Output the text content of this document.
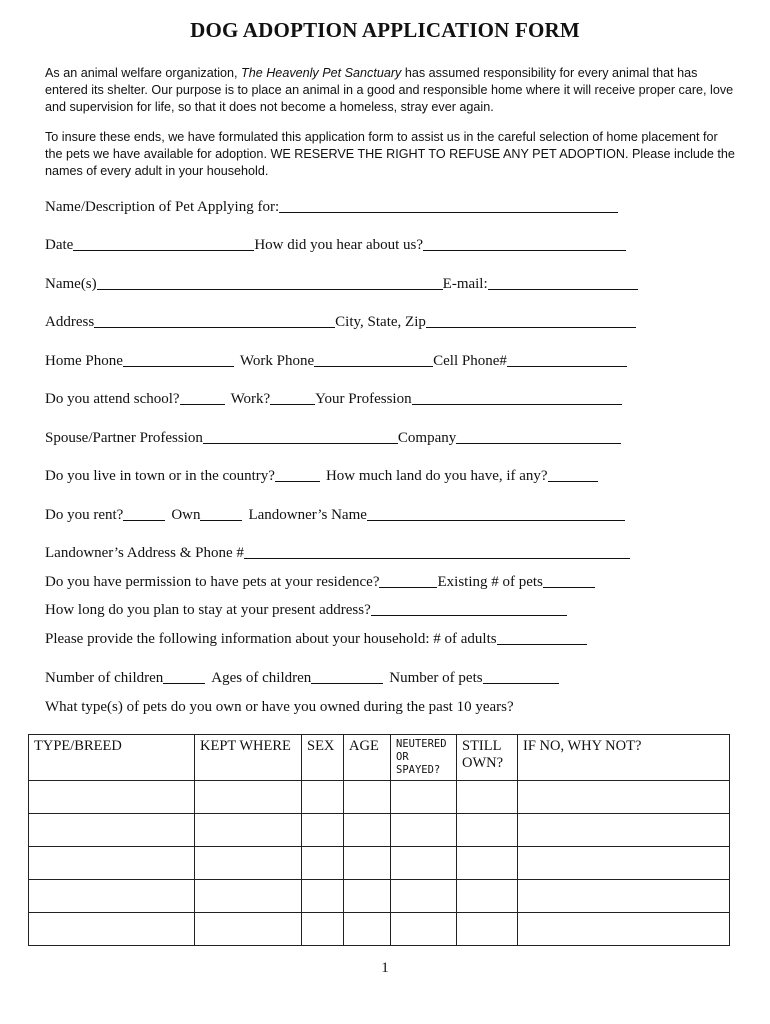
DOG ADOPTION APPLICATION FORM
As an animal welfare organization, The Heavenly Pet Sanctuary has assumed responsibility for every animal that has entered its shelter. Our purpose is to place an animal in a good and responsible home where it will receive proper care, love and supervision for life, so that it does not become a homeless, stray ever again.
To insure these ends, we have formulated this application form to assist us in the careful selection of home placement for the pets we have available for adoption. WE RESERVE THE RIGHT TO REFUSE ANY PET ADOPTION. Please include the names of every adult in your household.
Name/Description of Pet Applying for:
Date	How did you hear about us?
Name(s)	E-mail:
Address	City, State, Zip
Home Phone	Work Phone	Cell Phone#
Do you attend school?	Work?	Your Profession
Spouse/Partner Profession	Company
Do you live in town or in the country?	How much land do you have, if any?
Do you rent?	Own	Landowner’s Name
Landowner’s Address & Phone #
Do you have permission to have pets at your residence?	Existing # of pets
How long do you plan to stay at your present address?
Please provide the following information about your household: # of adults
Number of children	Ages of children	Number of pets
What type(s) of pets do you own or have you owned during the past 10 years?
TYPE/BREED	KEPT WHERE	SEX	AGE	NEUTERED OR SPAYED?	STILL OWN?	IF NO, WHY NOT?

1
